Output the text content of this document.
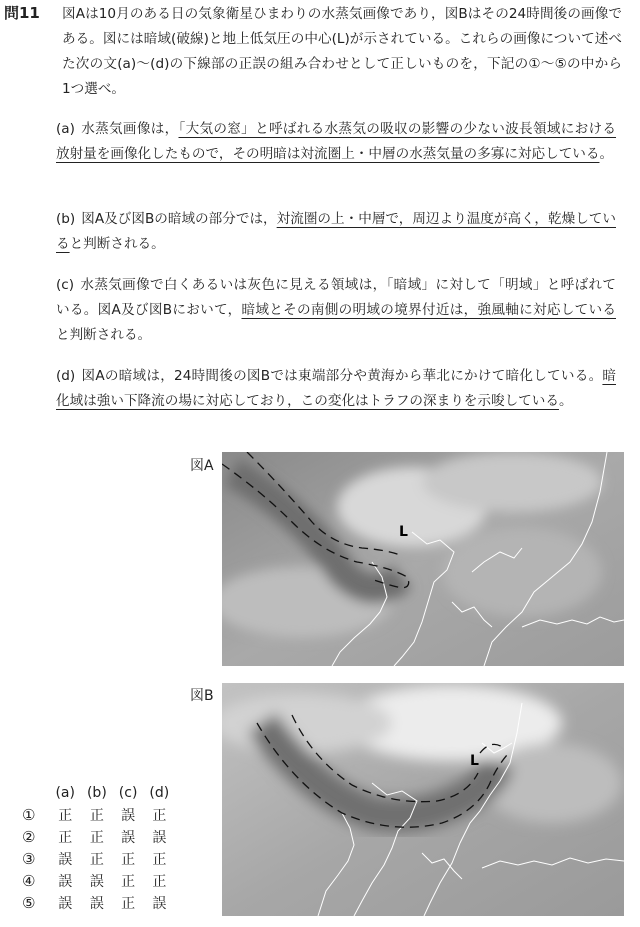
問11 図Aは10月のある日の気象衛星ひまわりの水蒸気画像であり，図Bはその24時間後の画像である。図には暗域(破線)と地上低気圧の中心(L)が示されている。これらの画像について述べた次の文(a)～(d)の下線部の正誤の組み合わせとして正しいものを，下記の①～⑤の中から1つ選べ。
(a) 水蒸気画像は，「大気の窓」と呼ばれる水蒸気の吸収の影響の少ない波長領域における放射量を画像化したもので，その明暗は対流圏上・中層の水蒸気量の多寡に対応している。
(b) 図A及び図Bの暗域の部分では，対流圏の上・中層で，周辺より温度が高く，乾燥していると判断される。
(c) 水蒸気画像で白くあるいは灰色に見える領域は，「暗域」に対して「明域」と呼ばれている。図A及び図Bにおいて，暗域とその南側の明域の境界付近は，強風軸に対応していると判断される。
(d) 図Aの暗域は，24時間後の図Bでは東端部分や黄海から華北にかけて暗化している。暗化域は強い下降流の場に対応しており，この変化はトラフの深まりを示唆している。
図A
L
図B
L
	(a)	(b)	(c)	(d)
①	正	正	誤	正
②	正	正	誤	誤
③	誤	正	正	正
④	誤	誤	正	正
⑤	誤	誤	正	誤
